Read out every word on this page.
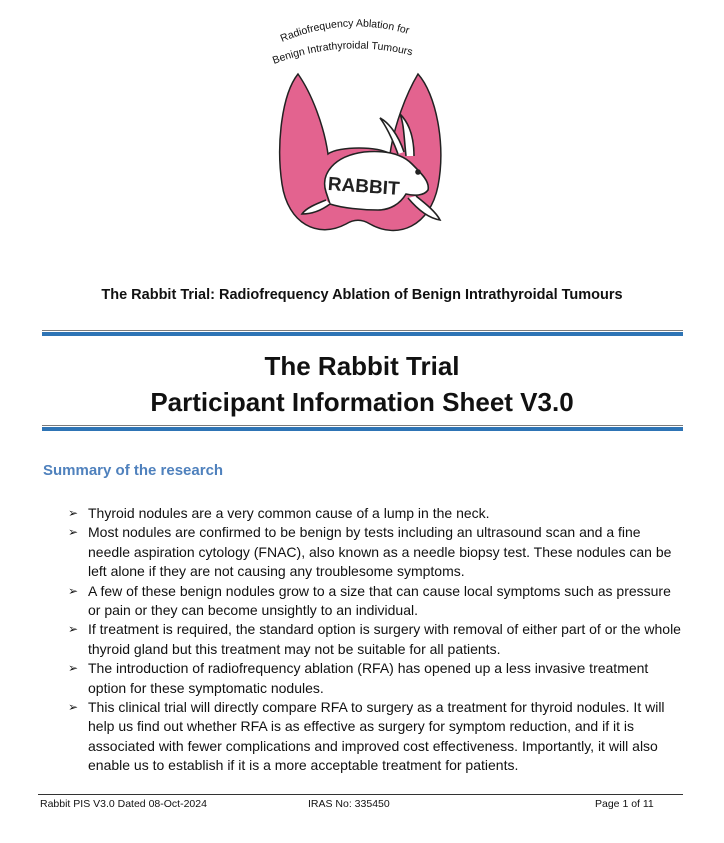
Radiofrequency Ablation for
Benign Intrathyroidal Tumours
RABBIT
The Rabbit Trial: Radiofrequency Ablation of Benign Intrathyroidal Tumours
The Rabbit Trial
Participant Information Sheet V3.0
Summary of the research
➢ Thyroid nodules are a very common cause of a lump in the neck.
➢ Most nodules are confirmed to be benign by tests including an ultrasound scan and a fine needle aspiration cytology (FNAC), also known as a needle biopsy test. These nodules can be left alone if they are not causing any troublesome symptoms.
➢ A few of these benign nodules grow to a size that can cause local symptoms such as pressure or pain or they can become unsightly to an individual.
➢ If treatment is required, the standard option is surgery with removal of either part of or the whole thyroid gland but this treatment may not be suitable for all patients.
➢ The introduction of radiofrequency ablation (RFA) has opened up a less invasive treatment option for these symptomatic nodules.
➢ This clinical trial will directly compare RFA to surgery as a treatment for thyroid nodules. It will help us find out whether RFA is as effective as surgery for symptom reduction, and if it is associated with fewer complications and improved cost effectiveness. Importantly, it will also enable us to establish if it is a more acceptable treatment for patients.
Rabbit PIS V3.0 Dated 08-Oct-2024	IRAS No: 335450	Page 1 of 11
